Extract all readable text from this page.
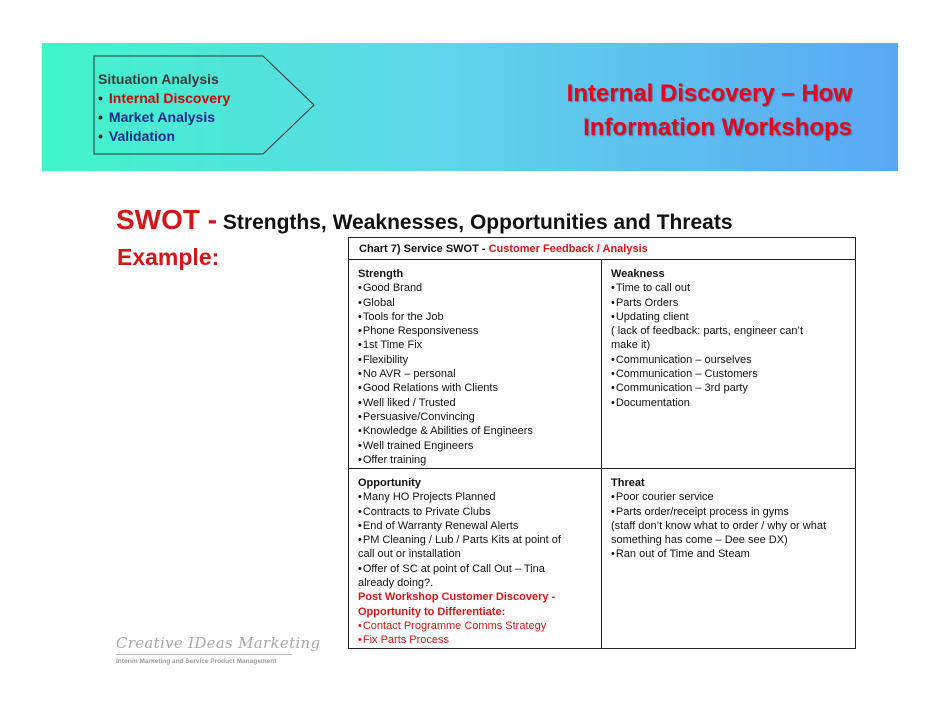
Situation Analysis
• Internal Discovery
• Market Analysis
• Validation
Internal Discovery – How
Information Workshops
SWOT - Strengths, Weaknesses, Opportunities and Threats
Example:	Chart 7) Service SWOT - Customer Feedback / Analysis
Strength
•Good Brand
•Global
•Tools for the Job
•Phone Responsiveness
•1st Time Fix
•Flexibility
•No AVR – personal
•Good Relations with Clients
•Well liked / Trusted
•Persuasive/Convincing
•Knowledge & Abilities of Engineers
•Well trained Engineers
•Offer training
Weakness
•Time to call out
•Parts Orders
•Updating client
( lack of feedback: parts, engineer can’t
make it)
•Communication – ourselves
•Communication – Customers
•Communication – 3rd party
•Documentation
Opportunity
•Many HO Projects Planned
•Contracts to Private Clubs
•End of Warranty Renewal Alerts
•PM Cleaning / Lub / Parts Kits at point of
call out or installation
•Offer of SC at point of Call Out – Tina
already doing?.
Post Workshop Customer Discovery -
Opportunity to Differentiate:
•Contact Programme Comms Strategy
•Fix Parts Process
Threat
•Poor courier service
•Parts order/receipt process in gyms
(staff don’t know what to order / why or what
something has come – Dee see DX)
•Ran out of Time and Steam
Creative IDeas Marketing
Interim Marketing and Service Product Management
